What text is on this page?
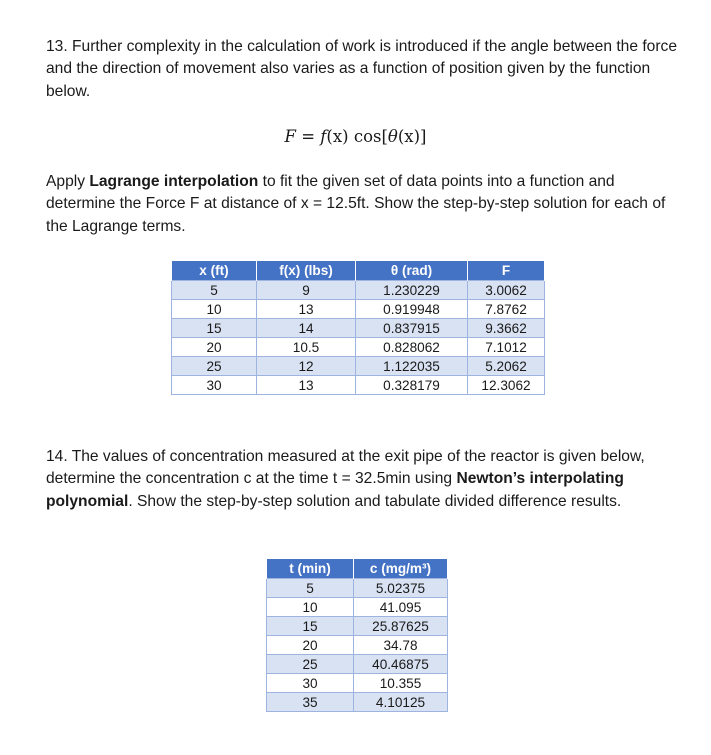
13. Further complexity in the calculation of work is introduced if the angle between the force and the direction of movement also varies as a function of position given by the function below.
F = f(x) cos[θ(x)]
Apply Lagrange interpolation to fit the given set of data points into a function and determine the Force F at distance of x = 12.5ft. Show the step-by-step solution for each of the Lagrange terms.
x (ft)	f(x) (lbs)	θ (rad)	F
5	9	1.230229	3.0062
10	13	0.919948	7.8762
15	14	0.837915	9.3662
20	10.5	0.828062	7.1012
25	12	1.122035	5.2062
30	13	0.328179	12.3062
14. The values of concentration measured at the exit pipe of the reactor is given below, determine the concentration c at the time t = 32.5min using Newton’s interpolating polynomial. Show the step-by-step solution and tabulate divided difference results.
t (min)	c (mg/m³)
5	5.02375
10	41.095
15	25.87625
20	34.78
25	40.46875
30	10.355
35	4.10125
